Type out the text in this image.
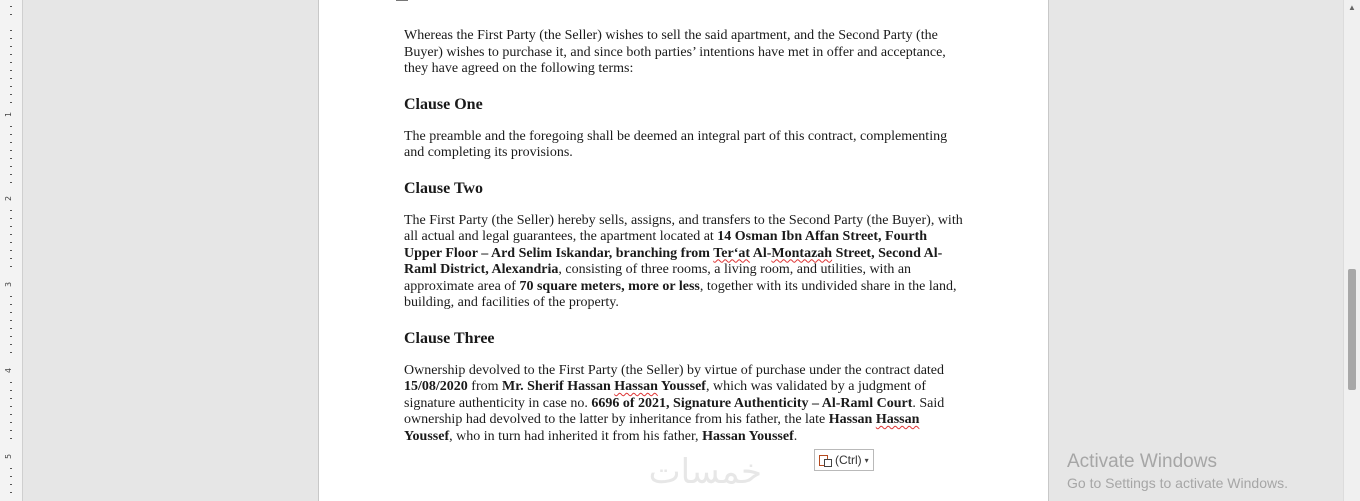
1
2
3
4
5

Whereas the First Party (the Seller) wishes to sell the said apartment, and the Second Party (the Buyer) wishes to purchase it, and since both parties’ intentions have met in offer and acceptance, they have agreed on the following terms:

Clause One

The preamble and the foregoing shall be deemed an integral part of this contract, complementing and completing its provisions.

Clause Two

The First Party (the Seller) hereby sells, assigns, and transfers to the Second Party (the Buyer), with all actual and legal guarantees, the apartment located at 14 Osman Ibn Affan Street, Fourth Upper Floor – Ard Selim Iskandar, branching from Ter‘at Al-Montazah Street, Second Al-Raml District, Alexandria, consisting of three rooms, a living room, and utilities, with an approximate area of 70 square meters, more or less, together with its undivided share in the land, building, and facilities of the property.

Clause Three

Ownership devolved to the First Party (the Seller) by virtue of purchase under the contract dated 15/08/2020 from Mr. Sherif Hassan Hassan Youssef, which was validated by a judgment of signature authenticity in case no. 6696 of 2021, Signature Authenticity – Al-Raml Court. Said ownership had devolved to the latter by inheritance from his father, the late Hassan Hassan Youssef, who in turn had inherited it from his father, Hassan Youssef.

(Ctrl) ▾
خمسات	Activate Windows
Go to Settings to activate Windows.
▲
